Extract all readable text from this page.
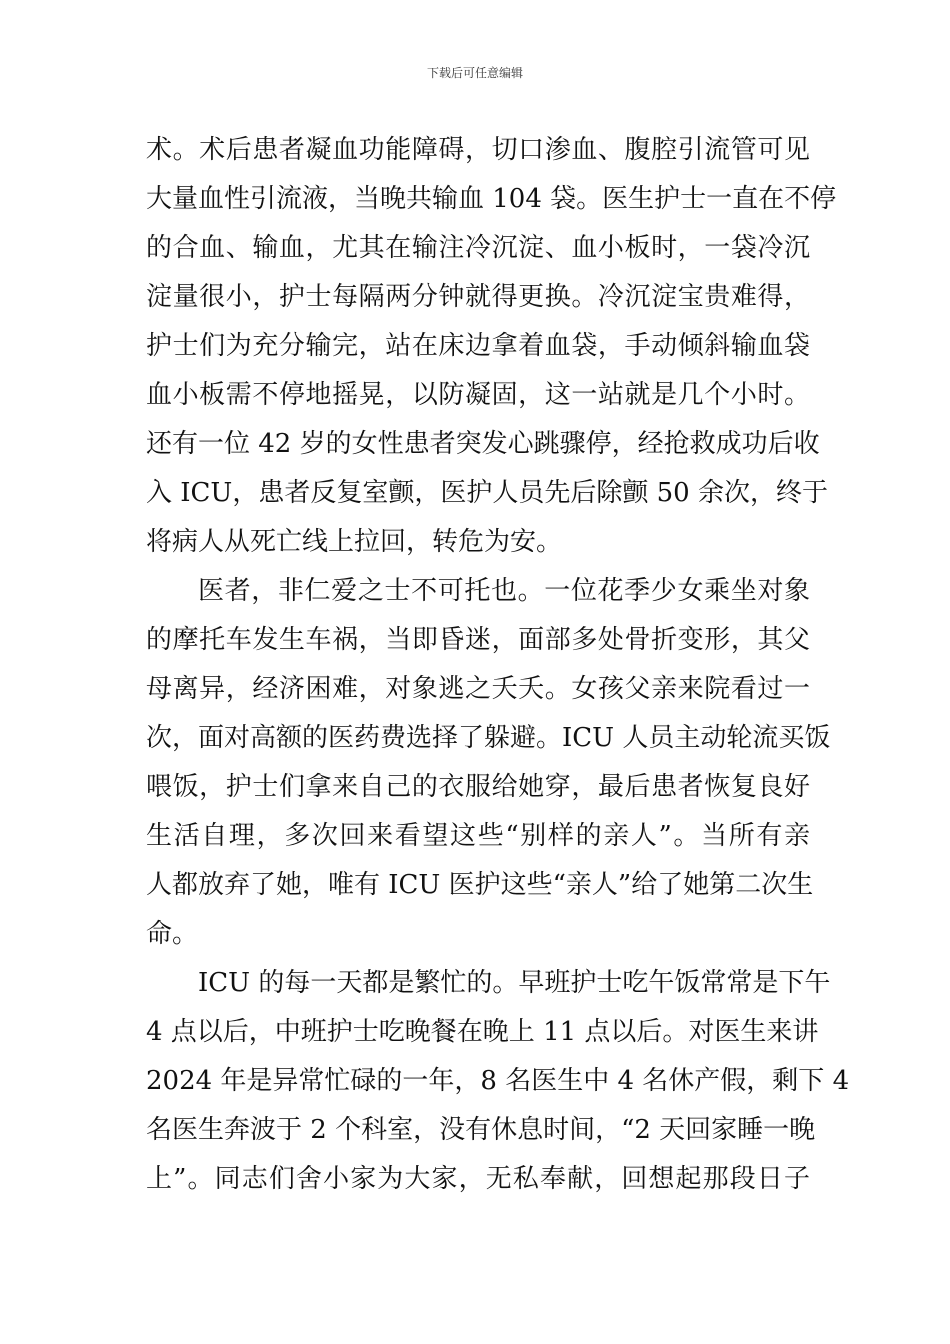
下载后可任意编辑
术。术后患者凝血功能障碍，切口渗血、腹腔引流管可见
大量血性引流液，当晚共输血 104 袋。医生护士一直在不停
的合血、输血，尤其在输注冷沉淀、血小板时，一袋冷沉
淀量很小，护士每隔两分钟就得更换。冷沉淀宝贵难得，
护士们为充分输完，站在床边拿着血袋，手动倾斜输血袋
血小板需不停地摇晃，以防凝固，这一站就是几个小时。
还有一位 42 岁的女性患者突发心跳骤停，经抢救成功后收
入 ICU，患者反复室颤，医护人员先后除颤 50 余次，终于
将病人从死亡线上拉回，转危为安。
医者，非仁爱之士不可托也。一位花季少女乘坐对象
的摩托车发生车祸，当即昏迷，面部多处骨折变形，其父
母离异，经济困难，对象逃之夭夭。女孩父亲来院看过一
次，面对高额的医药费选择了躲避。ICU 人员主动轮流买饭
喂饭，护士们拿来自己的衣服给她穿，最后患者恢复良好
生活自理，多次回来看望这些“别样的亲人”。当所有亲
人都放弃了她，唯有 ICU 医护这些“亲人”给了她第二次生
命。
ICU 的每一天都是繁忙的。早班护士吃午饭常常是下午
4 点以后，中班护士吃晚餐在晚上 11 点以后。对医生来讲
2024 年是异常忙碌的一年，8 名医生中 4 名休产假，剩下 4
名医生奔波于 2 个科室，没有休息时间，“2 天回家睡一晚
上”。同志们舍小家为大家，无私奉献，回想起那段日子
